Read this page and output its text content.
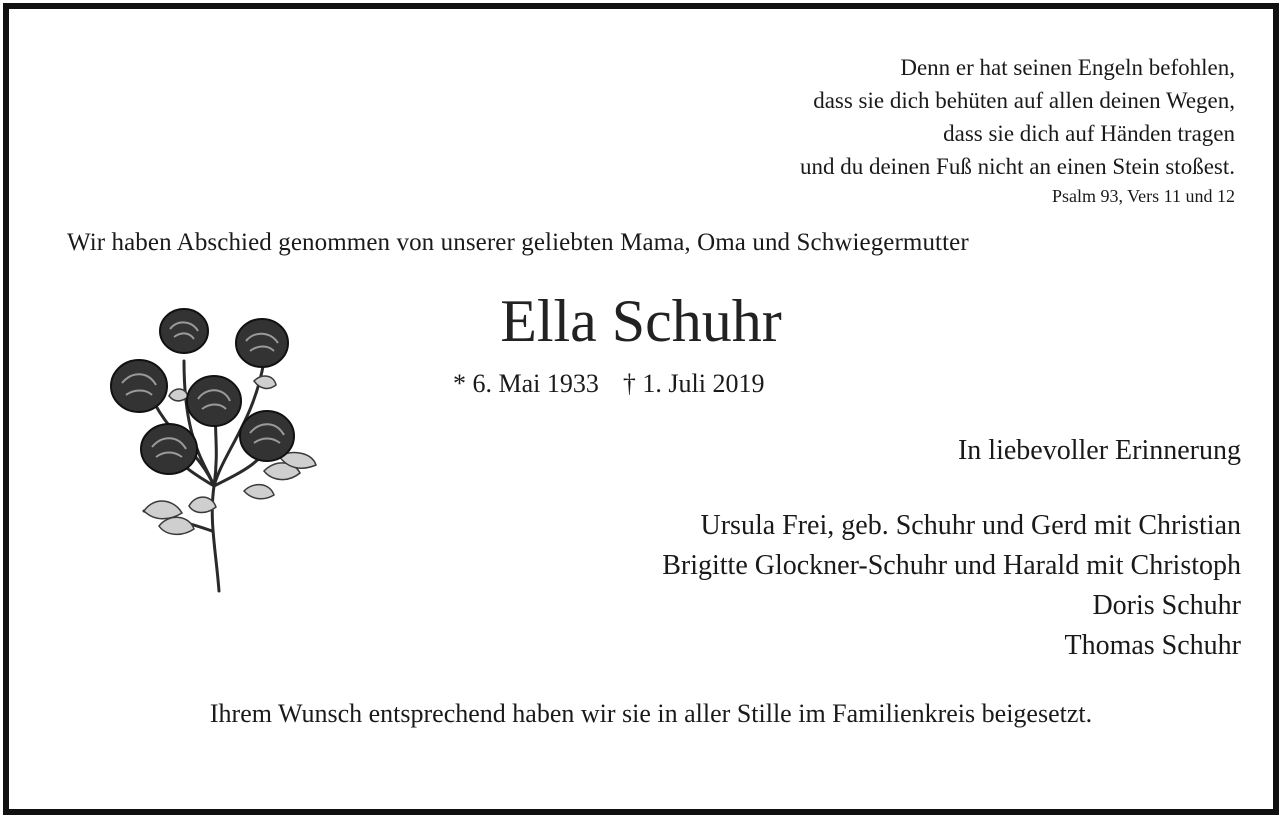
Denn er hat seinen Engeln befohlen,
dass sie dich behüten auf allen deinen Wegen,
dass sie dich auf Händen tragen
und du deinen Fuß nicht an einen Stein stoßest.
Psalm 93, Vers 11 und 12
Wir haben Abschied genommen von unserer geliebten Mama, Oma und Schwiegermutter
Ella Schuhr
* 6. Mai 1933 † 1. Juli 2019
In liebevoller Erinnerung
Ursula Frei, geb. Schuhr und Gerd mit Christian
Brigitte Glockner-Schuhr und Harald mit Christoph
Doris Schuhr
Thomas Schuhr
Ihrem Wunsch entsprechend haben wir sie in aller Stille im Familienkreis beigesetzt.
